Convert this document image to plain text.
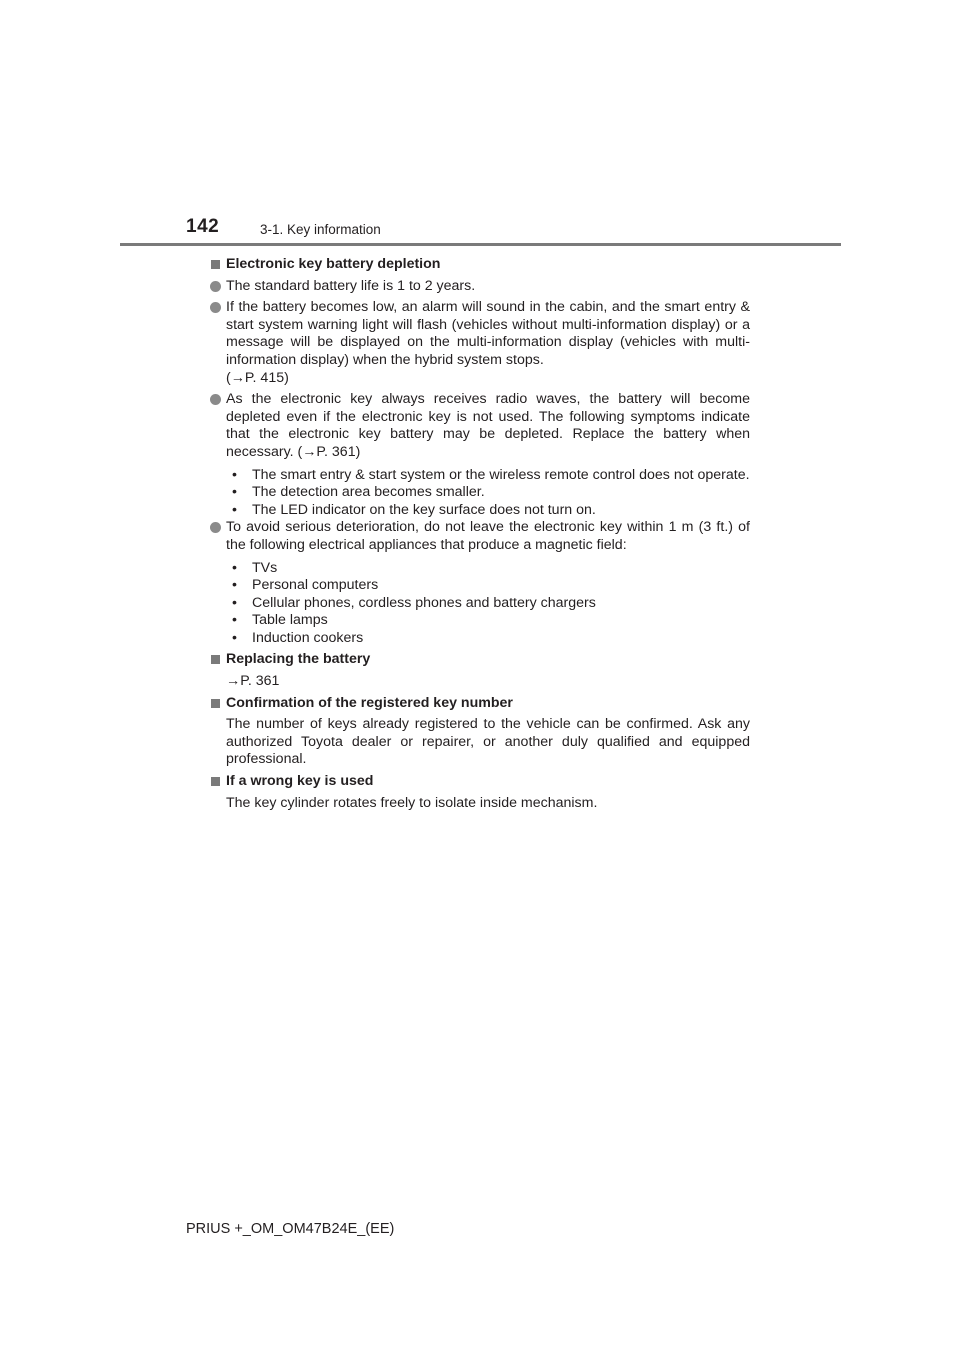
142	3-1. Key information
Electronic key battery depletion
The standard battery life is 1 to 2 years.
If the battery becomes low, an alarm will sound in the cabin, and the smart entry & start system warning light will flash (vehicles without multi-information display) or a message will be displayed on the multi-information display (vehicles with multi-information display) when the hybrid system stops.
(→P. 415)
As the electronic key always receives radio waves, the battery will become depleted even if the electronic key is not used. The following symptoms indicate that the electronic key battery may be depleted. Replace the battery when necessary. (→P. 361)
• The smart entry & start system or the wireless remote control does not operate.
• The detection area becomes smaller.
• The LED indicator on the key surface does not turn on.
To avoid serious deterioration, do not leave the electronic key within 1 m (3 ft.) of the following electrical appliances that produce a magnetic field:
• TVs
• Personal computers
• Cellular phones, cordless phones and battery chargers
• Table lamps
• Induction cookers
Replacing the battery
→P. 361
Confirmation of the registered key number
The number of keys already registered to the vehicle can be confirmed. Ask any authorized Toyota dealer or repairer, or another duly qualified and equipped professional.
If a wrong key is used
The key cylinder rotates freely to isolate inside mechanism.
PRIUS +_OM_OM47B24E_(EE)
